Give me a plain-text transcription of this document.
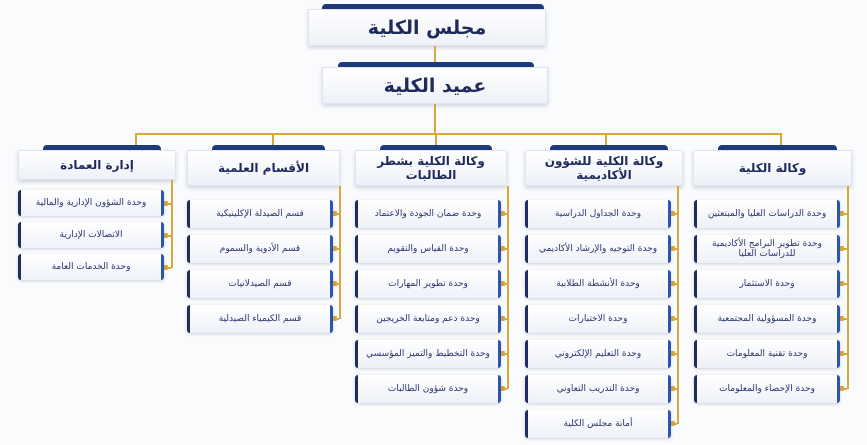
مجلس الكلية
عميد الكلية
وكالة الكلية
وحدة الدراسات العليا والمبتعثين
وحدة تطوير البرامج الأكاديمية للدراسات العليا
وحدة الاستثمار
وحدة المسؤولية المجتمعية
وحدة تقنية المعلومات
وحدة الإحصاء والمعلومات
وكالة الكلية للشؤون الأكاديمية
وحدة الجداول الدراسية
وحدة التوجيه والإرشاد الأكاديمي
وحدة الأنشطة الطلابية
وحدة الاختبارات
وحدة التعليم الإلكتروني
وحدة التدريب التعاوني
أمانة مجلس الكلية
وكالة الكلية بشطر الطالبات
وحدة ضمان الجودة والاعتماد
وحدة القياس والتقويم
وحدة تطوير المهارات
وحدة دعم ومتابعة الخريجين
وحدة التخطيط والتميز المؤسسي
وحدة شؤون الطالبات
الأقسام العلمية
قسم الصيدلة الإكلينيكية
قسم الأدوية والسموم
قسم الصيدلانيات
قسم الكيمياء الصيدلية
إدارة العمادة
وحدة الشؤون الإدارية والمالية
الاتصالات الإدارية
وحدة الخدمات العامة
